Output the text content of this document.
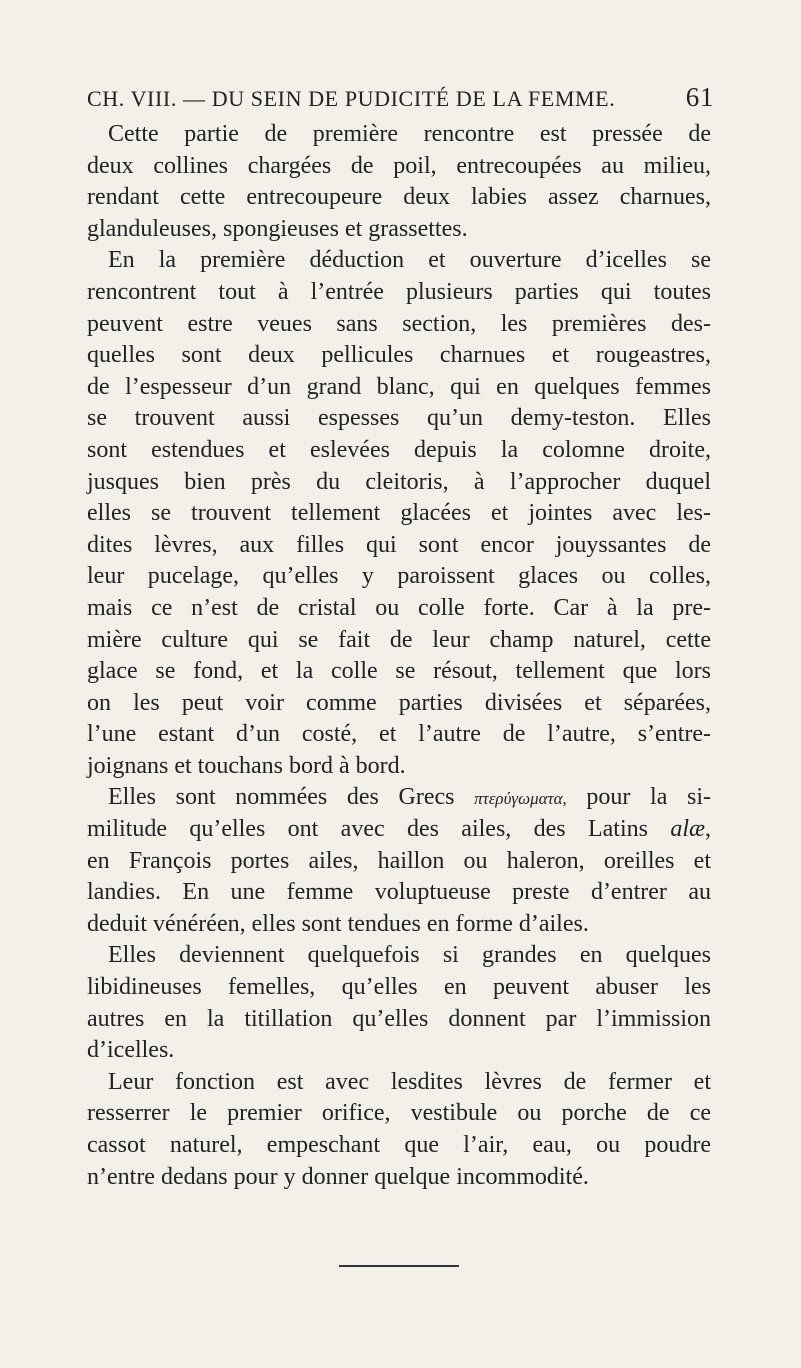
CH. VIII. — DU SEIN DE PUDICITÉ DE LA FEMME.	61
Cette partie de première rencontre est pressée de
deux collines chargées de poil, entrecoupées au milieu,
rendant cette entrecoupeure deux labies assez charnues,
glanduleuses, spongieuses et grassettes.
En la première déduction et ouverture d’icelles se
rencontrent tout à l’entrée plusieurs parties qui toutes
peuvent estre veues sans section, les premières des-
quelles sont deux pellicules charnues et rougeastres,
de l’espesseur d’un grand blanc, qui en quelques femmes
se trouvent aussi espesses qu’un demy-teston. Elles
sont estendues et eslevées depuis la colomne droite,
jusques bien près du cleitoris, à l’approcher duquel
elles se trouvent tellement glacées et jointes avec les-
dites lèvres, aux filles qui sont encor jouyssantes de
leur pucelage, qu’elles y paroissent glaces ou colles,
mais ce n’est de cristal ou colle forte. Car à la pre-
mière culture qui se fait de leur champ naturel, cette
glace se fond, et la colle se résout, tellement que lors
on les peut voir comme parties divisées et séparées,
l’une estant d’un costé, et l’autre de l’autre, s’entre-
joignans et touchans bord à bord.
Elles sont nommées des Grecs πτερύγωματα, pour la si-
militude qu’elles ont avec des ailes, des Latins alæ,
en François portes ailes, haillon ou haleron, oreilles et
landies. En une femme voluptueuse preste d’entrer au
deduit vénéréen, elles sont tendues en forme d’ailes.
Elles deviennent quelquefois si grandes en quelques
libidineuses femelles, qu’elles en peuvent abuser les
autres en la titillation qu’elles donnent par l’immission
d’icelles.
Leur fonction est avec lesdites lèvres de fermer et
resserrer le premier orifice, vestibule ou porche de ce
cassot naturel, empeschant que l’air, eau, ou poudre
n’entre dedans pour y donner quelque incommodité.
